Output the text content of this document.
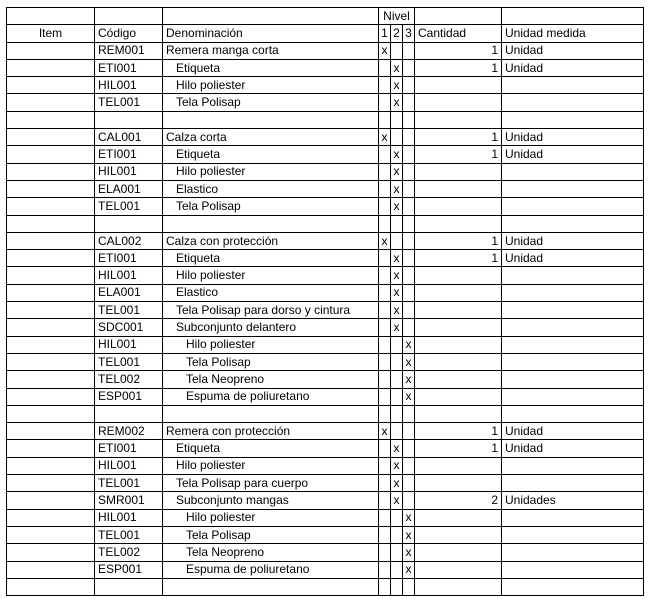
			Nivel				
Item	Código	Denominación	1	2	3	Cantidad	Unidad medida
	REM001	Remera manga corta	x			1	Unidad
	ETI001	Etiqueta		x		1	Unidad
	HIL001	Hilo poliester		x			
	TEL001	Tela Polisap		x			

	CAL001	Calza corta	x			1	Unidad
	ETI001	Etiqueta		x		1	Unidad
	HIL001	Hilo poliester		x			
	ELA001	Elastico		x			
	TEL001	Tela Polisap		x			

	CAL002	Calza con protección	x			1	Unidad
	ETI001	Etiqueta		x		1	Unidad
	HIL001	Hilo poliester		x			
	ELA001	Elastico		x			
	TEL001	Tela Polisap para dorso y cintura		x			
	SDC001	Subconjunto delantero		x			
	HIL001	Hilo poliester			x		
	TEL001	Tela Polisap			x		
	TEL002	Tela Neopreno			x		
	ESP001	Espuma de poliuretano			x		

	REM002	Remera con protección	x			1	Unidad
	ETI001	Etiqueta		x		1	Unidad
	HIL001	Hilo poliester		x			
	TEL001	Tela Polisap para cuerpo		x			
	SMR001	Subconjunto mangas		x		2	Unidades
	HIL001	Hilo poliester			x		
	TEL001	Tela Polisap			x		
	TEL002	Tela Neopreno			x		
	ESP001	Espuma de poliuretano			x		
